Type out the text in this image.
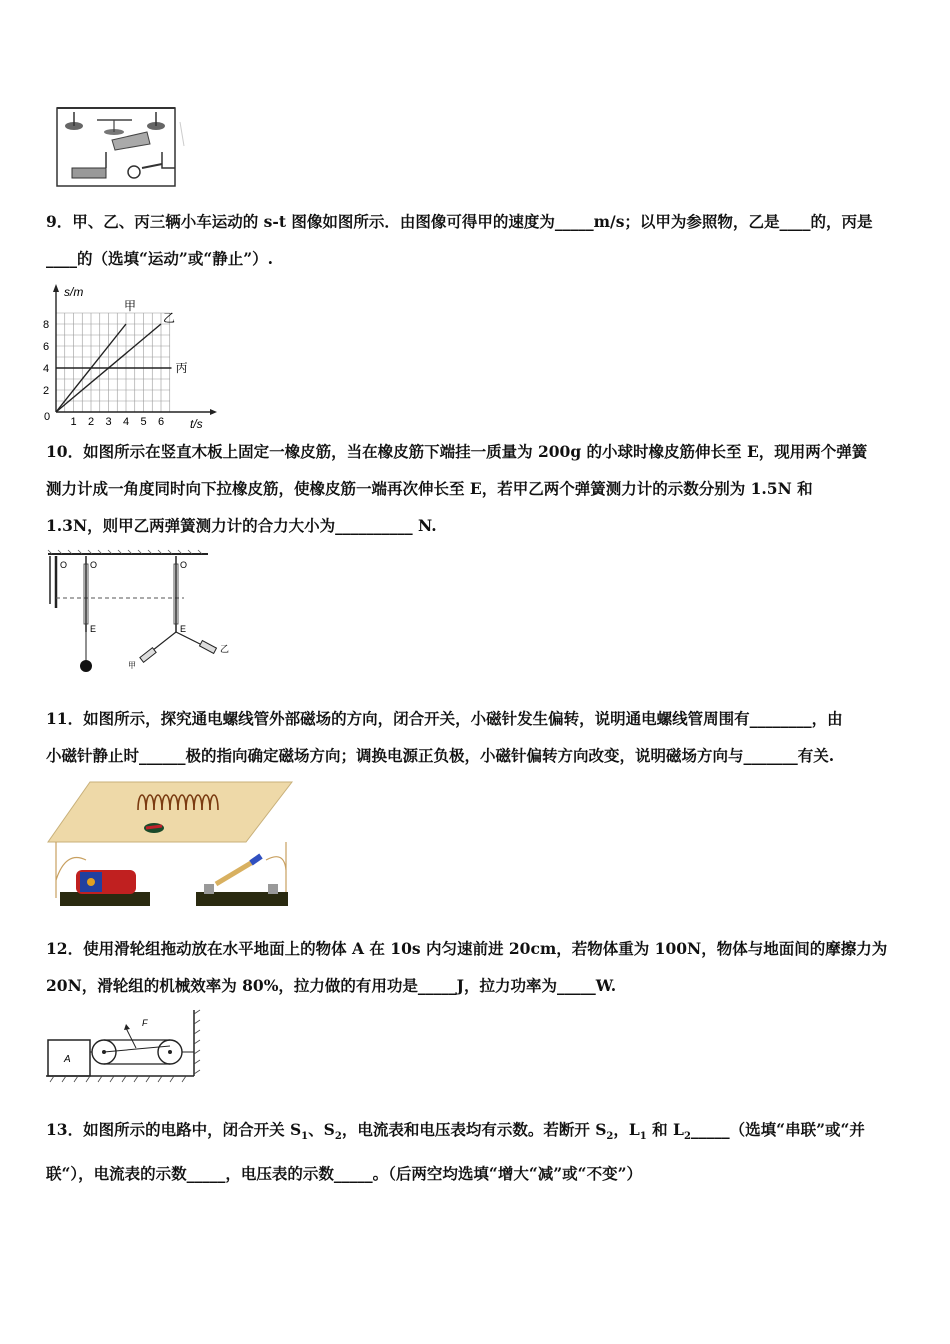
9．甲、乙、丙三辆小车运动的 s-t 图像如图所示．由图像可得甲的速度为_____m/s；以甲为参照物，乙是____的，丙是
____的（选填“运动”或“静止”）.
s/m
t/s
0 1 2 3 4 5 6
2
4
6
8
甲
乙
丙
10．如图所示在竖直木板上固定一橡皮筋，当在橡皮筋下端挂一质量为 200g 的小球时橡皮筋伸长至 E，现用两个弹簧
测力计成一角度同时向下拉橡皮筋，使橡皮筋一端再次伸长至 E，若甲乙两个弹簧测力计的示数分别为 1.5N 和
1.3N，则甲乙两弹簧测力计的合力大小为__________ N.
O	O
E
O
E
甲
乙
11．如图所示，探究通电螺线管外部磁场的方向，闭合开关，小磁针发生偏转，说明通电螺线管周围有________，由
小磁针静止时______极的指向确定磁场方向；调换电源正负极，小磁针偏转方向改变，说明磁场方向与_______有关.
12．使用滑轮组拖动放在水平地面上的物体 A 在 10s 内匀速前进 20cm，若物体重为 100N，物体与地面间的摩擦力为
20N，滑轮组的机械效率为 80%，拉力做的有用功是_____J，拉力功率为_____W.
A
F
13．如图所示的电路中，闭合开关 $S_1$、$S_2$，电流表和电压表均有示数。若断开 $S_2$，$L_1$ 和 $L_2\_\_\_\_\_$（选填“串联”或“并
联“），电流表的示数_____，电压表的示数_____。（后两空均选填“增大“减”或“不变”）
